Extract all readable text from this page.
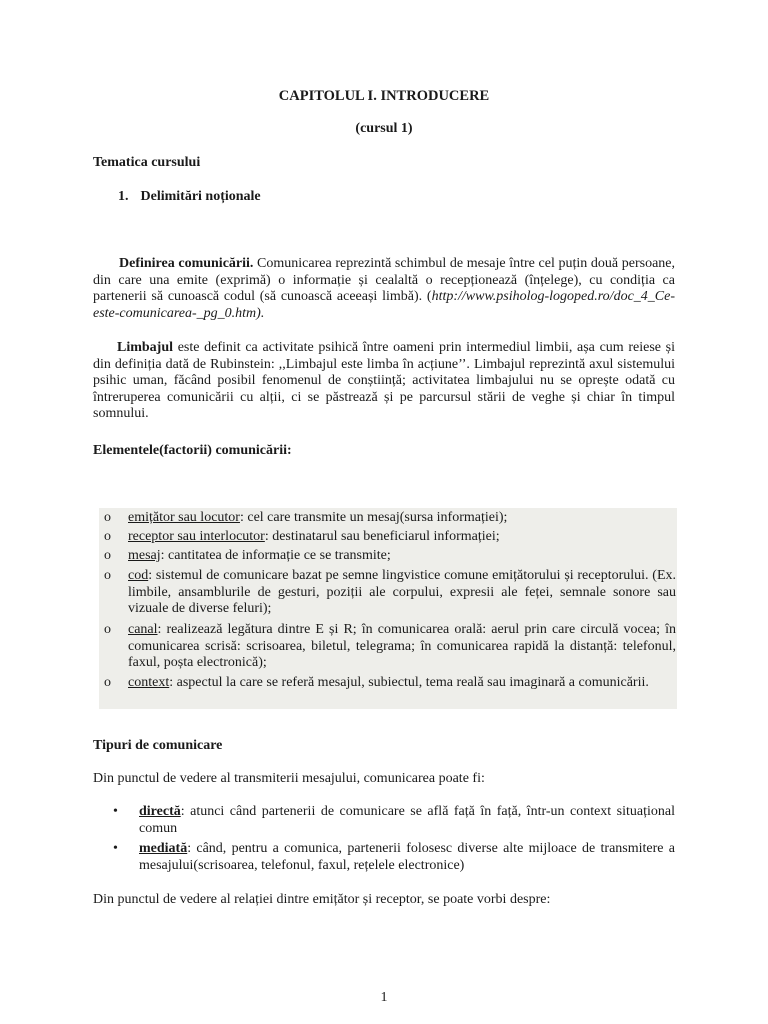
CAPITOLUL I. INTRODUCERE
(cursul 1)
Tematica cursului
1. Delimitări noționale
Definirea comunicării. Comunicarea reprezintă schimbul de mesaje între cel puțin două persoane, din care una emite (exprimă) o informație și cealaltă o recepționează (înțelege), cu condiția ca partenerii să cunoască codul (să cunoască aceeași limbă). (http://www.psiholog-logoped.ro/doc_4_Ce-este-comunicarea-_pg_0.htm).
Limbajul este definit ca activitate psihică între oameni prin intermediul limbii, așa cum reiese și din definiția dată de Rubinstein: ,,Limbajul este limba în acțiune’’. Limbajul reprezintă axul sistemului psihic uman, făcând posibil fenomenul de conștiință; activitatea limbajului nu se oprește odată cu întreruperea comunicării cu alții, ci se păstrează și pe parcursul stării de veghe și chiar în timpul somnului.
Elementele(factorii) comunicării:
o	emițător sau locutor: cel care transmite un mesaj(sursa informației);
o	receptor sau interlocutor: destinatarul sau beneficiarul informației;
o	mesaj: cantitatea de informație ce se transmite;
o	cod: sistemul de comunicare bazat pe semne lingvistice comune emițătorului și receptorului. (Ex. limbile, ansamblurile de gesturi, poziții ale corpului, expresii ale feței, semnale sonore sau vizuale de diverse feluri);
o	canal: realizează legătura dintre E și R; în comunicarea orală: aerul prin care circulă vocea; în comunicarea scrisă: scrisoarea, biletul, telegrama; în comunicarea rapidă la distanță: telefonul, faxul, poșta electronică);
o	context: aspectul la care se referă mesajul, subiectul, tema reală sau imaginară a comunicării.
Tipuri de comunicare
Din punctul de vedere al transmiterii mesajului, comunicarea poate fi:
• directă: atunci când partenerii de comunicare se află față în față, într-un context situațional comun
• mediată: când, pentru a comunica, partenerii folosesc diverse alte mijloace de transmitere a mesajului(scrisoarea, telefonul, faxul, rețelele electronice)
Din punctul de vedere al relației dintre emițător și receptor, se poate vorbi despre:
1
